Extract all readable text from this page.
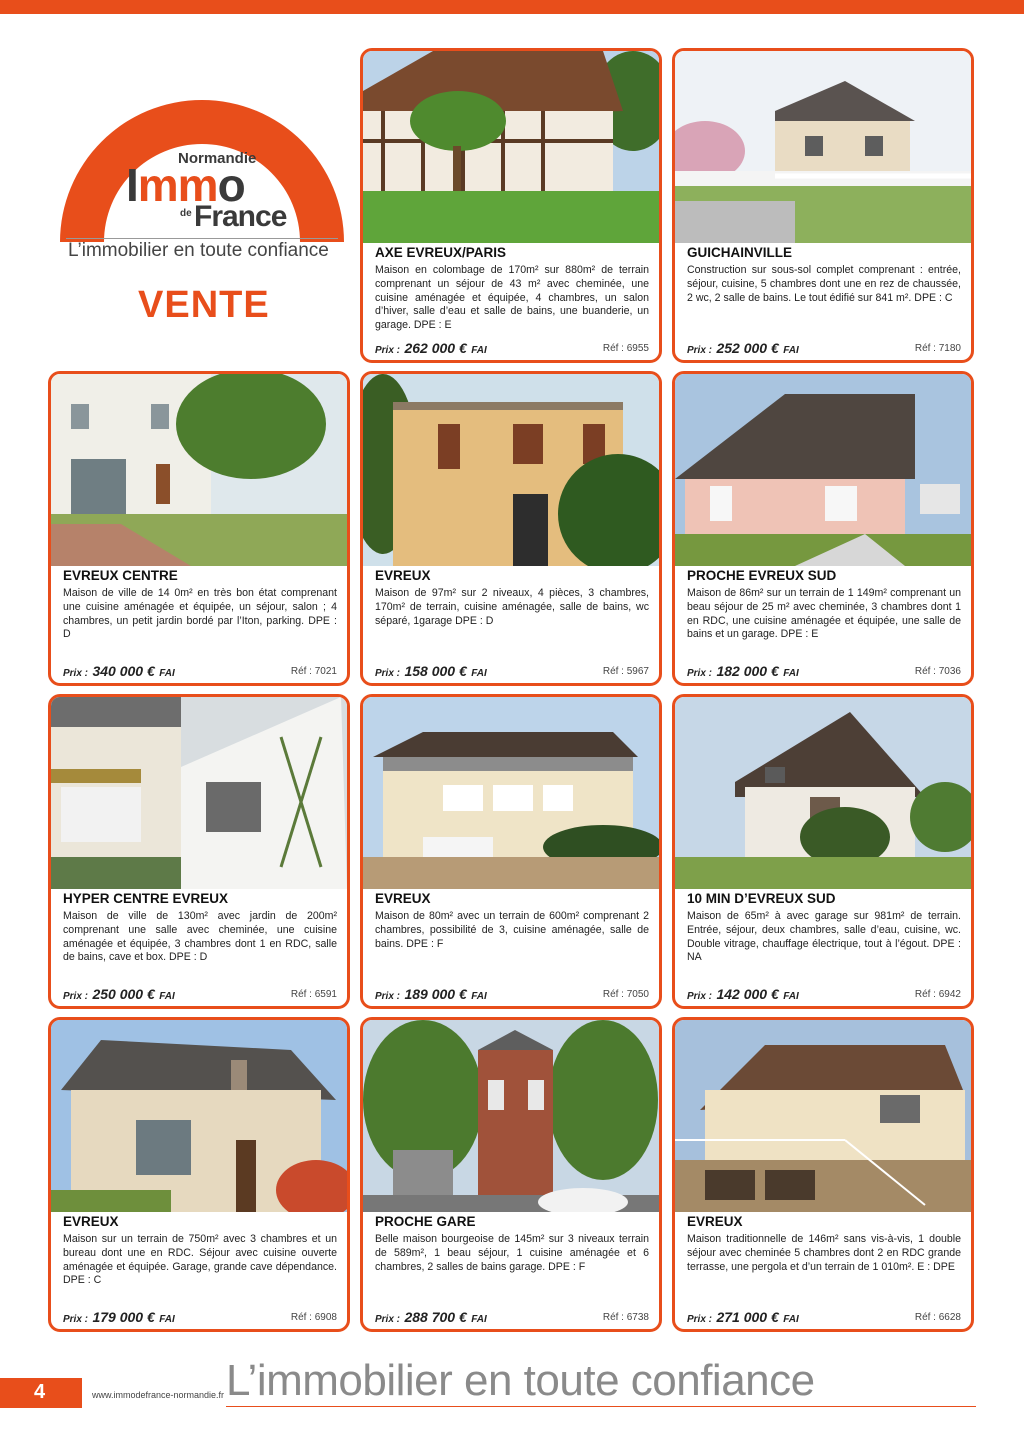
Normandie
Immo
de France
L’immobilier en toute confiance
VENTE
AXE EVREUX/PARIS
Maison en colombage de 170m² sur 880m² de terrain comprenant un séjour de 43 m² avec cheminée, une cuisine aménagée et équipée, 4 chambres, un salon d’hiver, salle d’eau et salle de bains, une buanderie, un garage. DPE : E
Prix : 262 000 € FAI	Réf : 6955
GUICHAINVILLE
Construction sur sous-sol complet comprenant : entrée, séjour, cuisine, 5 chambres dont une en rez de chaussée, 2 wc, 2 salle de bains. Le tout édifié sur 841 m². DPE : C
Prix : 252 000 € FAI	Réf : 7180
EVREUX CENTRE
Maison de ville de 14 0m² en très bon état comprenant une cuisine aménagée et équipée, un séjour, salon ; 4 chambres, un petit jardin bordé par l’Iton, parking. DPE : D
Prix : 340 000 € FAI	Réf : 7021
EVREUX
Maison de 97m² sur 2 niveaux, 4 pièces, 3 chambres, 170m² de terrain, cuisine aménagée, salle de bains, wc séparé, 1garage DPE : D
Prix : 158 000 € FAI	Réf : 5967
PROCHE EVREUX SUD
Maison de 86m² sur un terrain de 1 149m² comprenant un beau séjour de 25 m² avec cheminée, 3 chambres dont 1 en RDC, une cuisine aménagée et équipée, une salle de bains et un garage. DPE : E
Prix : 182 000 € FAI	Réf : 7036
HYPER CENTRE EVREUX
Maison de ville de 130m² avec jardin de 200m² comprenant une salle avec cheminée, une cuisine aménagée et équipée, 3 chambres dont 1 en RDC, salle de bains, cave et box. DPE : D
Prix : 250 000 € FAI	Réf : 6591
EVREUX
Maison de 80m² avec un terrain de 600m² comprenant 2 chambres, possibilité de 3, cuisine aménagée, salle de bains. DPE : F
Prix : 189 000 € FAI	Réf : 7050
10 MIN D’EVREUX SUD
Maison de 65m² à avec garage sur 981m² de terrain. Entrée, séjour, deux chambres, salle d’eau, cuisine, wc. Double vitrage, chauffage électrique, tout à l’égout. DPE : NA
Prix : 142 000 € FAI	Réf : 6942
EVREUX
Maison sur un terrain de 750m² avec 3 chambres et un bureau dont une en RDC. Séjour avec cuisine ouverte aménagée et équipée. Garage, grande cave dépendance. DPE : C
Prix : 179 000 € FAI	Réf : 6908
PROCHE GARE
Belle maison bourgeoise de 145m² sur 3 niveaux terrain de 589m², 1 beau séjour, 1 cuisine aménagée et 6 chambres, 2 salles de bains garage. DPE : F
Prix : 288 700 € FAI	Réf : 6738
EVREUX
Maison traditionnelle de 146m² sans vis-à-vis, 1 double séjour avec cheminée 5 chambres dont 2 en RDC grande terrasse, une pergola et d’un terrain de 1 010m². E : DPE
Prix : 271 000 € FAI	Réf : 6628
4	www.immodefrance-normandie.fr L’immobilier en toute confiance
